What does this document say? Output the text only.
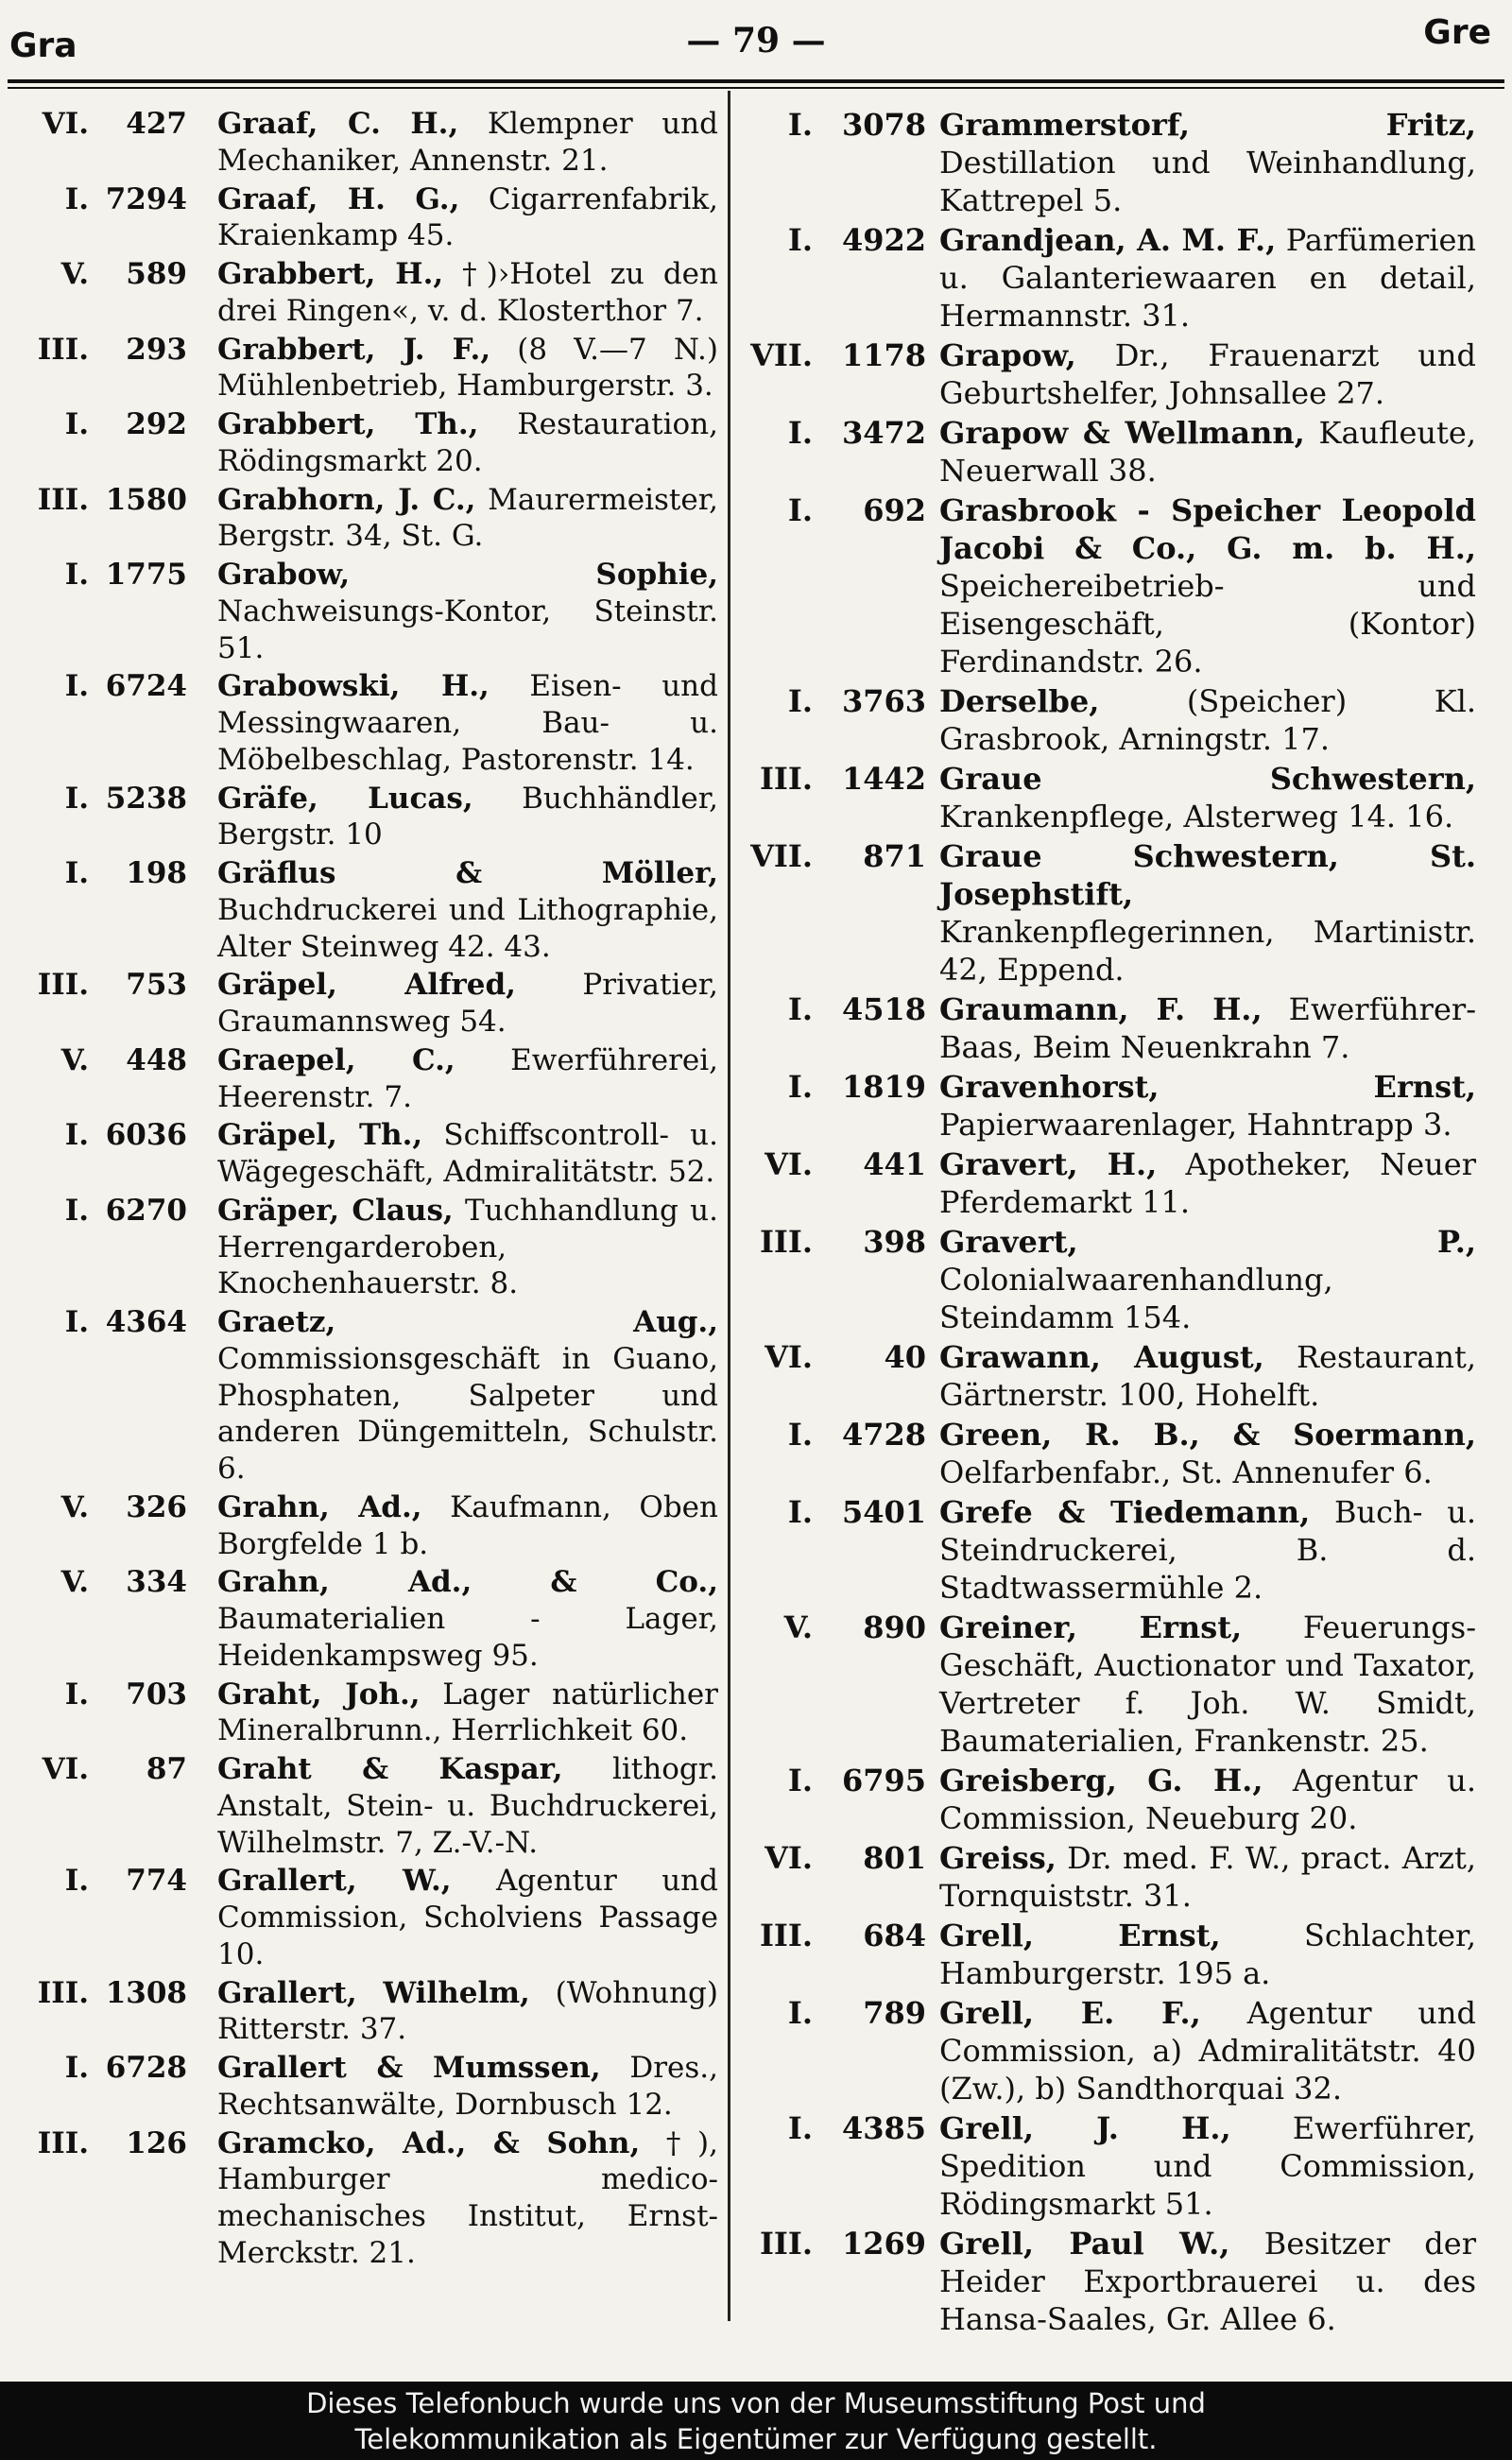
Gra	— 79 —	Gre
VI. 427 Graaf, C. H., Klempner und Mechaniker, Annenstr. 21.
I. 7294 Graaf, H. G., Cigarrenfabrik, Kraienkamp 45.
V. 589 Grabbert, H., †)›Hotel zu den drei Ringen«, v. d. Klosterthor 7.
III. 293 Grabbert, J. F., (8 V.—7 N.) Mühlenbetrieb, Hamburgerstr. 3.
I. 292 Grabbert, Th., Restauration, Rödingsmarkt 20.
III. 1580 Grabhorn, J. C., Maurermeister, Bergstr. 34, St. G.
I. 1775 Grabow, Sophie, Nachweisungs-Kontor, Steinstr. 51.
I. 6724 Grabowski, H., Eisen- und Messingwaaren, Bau- u. Möbelbeschlag, Pastorenstr. 14.
I. 5238 Gräfe, Lucas, Buchhändler, Bergstr. 10
I. 198 Gräflus & Möller, Buchdruckerei und Lithographie, Alter Steinweg 42. 43.
III. 753 Gräpel, Alfred, Privatier, Graumannsweg 54.
V. 448 Graepel, C., Ewerführerei, Heerenstr. 7.
I. 6036 Gräpel, Th., Schiffscontroll- u. Wägegeschäft, Admiralitätstr. 52.
I. 6270 Gräper, Claus, Tuchhandlung u. Herrengarderoben, Knochenhauerstr. 8.
I. 4364 Graetz, Aug., Commissionsgeschäft in Guano, Phosphaten, Salpeter und anderen Düngemitteln, Schulstr. 6.
V. 326 Grahn, Ad., Kaufmann, Oben Borgfelde 1 b.
V. 334 Grahn, Ad., & Co., Baumaterialien - Lager, Heidenkampsweg 95.
I. 703 Graht, Joh., Lager natürlicher Mineralbrunn., Herrlichkeit 60.
VI. 87 Graht & Kaspar, lithogr. Anstalt, Stein- u. Buchdruckerei, Wilhelmstr. 7, Z.-V.-N.
I. 774 Grallert, W., Agentur und Commission, Scholviens Passage 10.
III. 1308 Grallert, Wilhelm, (Wohnung) Ritterstr. 37.
I. 6728 Grallert & Mumssen, Dres., Rechtsanwälte, Dornbusch 12.
III. 126 Gramcko, Ad., & Sohn, †), Hamburger medico-mechanisches Institut, Ernst-Merckstr. 21.
I. 3078 Grammerstorf, Fritz, Destillation und Weinhandlung, Kattrepel 5.
I. 4922 Grandjean, A. M. F., Parfümerien u. Galanteriewaaren en detail, Hermannstr. 31.
VII. 1178 Grapow, Dr., Frauenarzt und Geburtshelfer, Johnsallee 27.
I. 3472 Grapow & Wellmann, Kaufleute, Neuerwall 38.
I. 692 Grasbrook - Speicher Leopold Jacobi & Co., G. m. b. H., Speichereibetrieb- und Eisengeschäft, (Kontor) Ferdinandstr. 26.
I. 3763 Derselbe, (Speicher) Kl. Grasbrook, Arningstr. 17.
III. 1442 Graue Schwestern, Krankenpflege, Alsterweg 14. 16.
VII. 871 Graue Schwestern, St. Josephstift, Krankenpflegerinnen, Martinistr. 42, Eppend.
I. 4518 Graumann, F. H., Ewerführer-Baas, Beim Neuenkrahn 7.
I. 1819 Gravenhorst, Ernst, Papierwaarenlager, Hahntrapp 3.
VI. 441 Gravert, H., Apotheker, Neuer Pferdemarkt 11.
III. 398 Gravert, P., Colonialwaarenhandlung, Steindamm 154.
VI. 40 Grawann, August, Restaurant, Gärtnerstr. 100, Hohelft.
I. 4728 Green, R. B., & Soermann, Oelfarbenfabr., St. Annenufer 6.
I. 5401 Grefe & Tiedemann, Buch- u. Steindruckerei, B. d. Stadtwassermühle 2.
V. 890 Greiner, Ernst, Feuerungs-Geschäft, Auctionator und Taxator, Vertreter f. Joh. W. Smidt, Baumaterialien, Frankenstr. 25.
I. 6795 Greisberg, G. H., Agentur u. Commission, Neueburg 20.
VI. 801 Greiss, Dr. med. F. W., pract. Arzt, Tornquiststr. 31.
III. 684 Grell, Ernst, Schlachter, Hamburgerstr. 195 a.
I. 789 Grell, E. F., Agentur und Commission, a) Admiralitätstr. 40 (Zw.), b) Sandthorquai 32.
I. 4385 Grell, J. H., Ewerführer, Spedition und Commission, Rödingsmarkt 51.
III. 1269 Grell, Paul W., Besitzer der Heider Exportbrauerei u. des Hansa-Saales, Gr. Allee 6.
Dieses Telefonbuch wurde uns von der Museumsstiftung Post und
Telekommunikation als Eigentümer zur Verfügung gestellt.
